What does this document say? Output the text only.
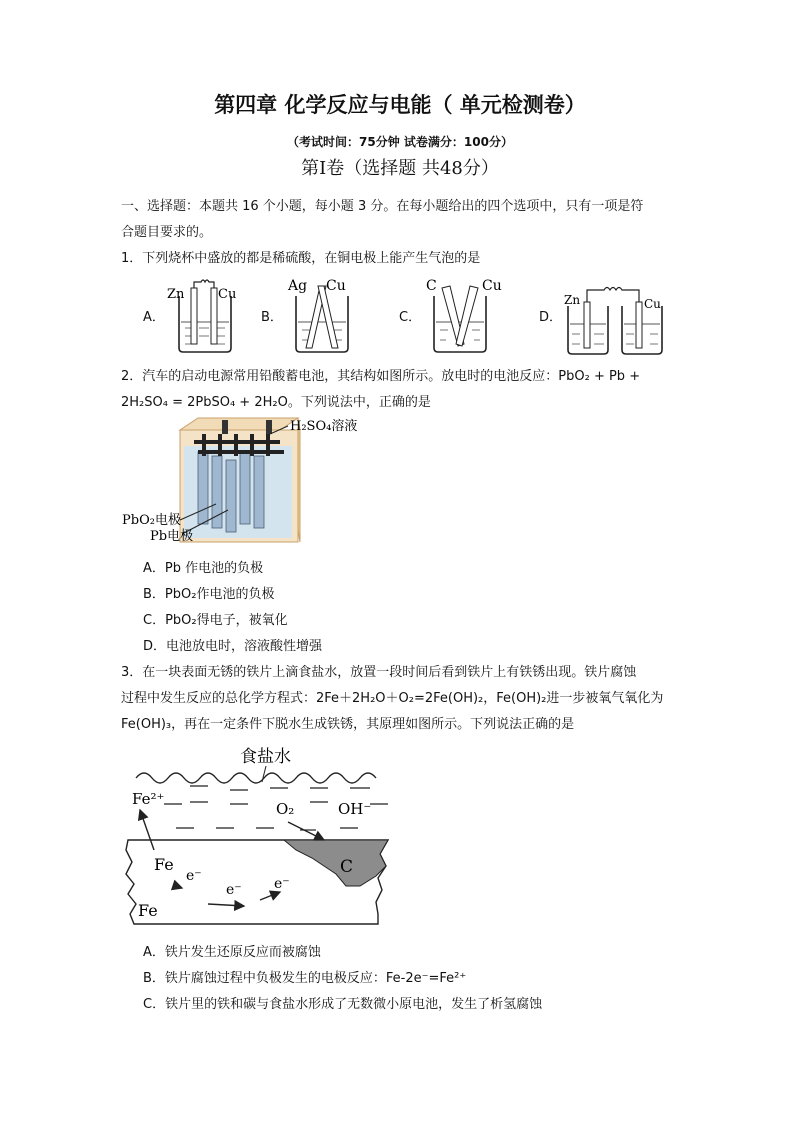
第四章 化学反应与电能（ 单元检测卷）
（考试时间：75分钟 试卷满分：100分）
第Ⅰ卷（选择题 共48分）
一、选择题：本题共 16 个小题，每小题 3 分。在每小题给出的四个选项中，只有一项是符
合题目要求的。
1．下列烧杯中盛放的都是稀硫酸，在铜电极上能产生气泡的是
A．	B．	C．	D．
Zn	Cu
Ag Cu	C	Cu
Zn	Cu
2．汽车的启动电源常用铅酸蓄电池，其结构如图所示。放电时的电池反应：PbO₂ + Pb +
2H₂SO₄ = 2PbSO₄ + 2H₂O。下列说法中，正确的是
H₂SO₄溶液
PbO₂电极
Pb电极
A．Pb 作电池的负极
B．PbO₂作电池的负极
C．PbO₂得电子，被氧化
D．电池放电时，溶液酸性增强
3．在一块表面无锈的铁片上滴食盐水，放置一段时间后看到铁片上有铁锈出现。铁片腐蚀
过程中发生反应的总化学方程式：2Fe＋2H₂O＋O₂=2Fe(OH)₂，Fe(OH)₂进一步被氧气氧化为
Fe(OH)₃，再在一定条件下脱水生成铁锈，其原理如图所示。下列说法正确的是
食盐水
Fe²⁺
O₂	OH⁻
C
Fe
Fe
e⁻
e⁻ e⁻
A．铁片发生还原反应而被腐蚀
B．铁片腐蚀过程中负极发生的电极反应：Fe-2e⁻=Fe²⁺
C．铁片里的铁和碳与食盐水形成了无数微小原电池，发生了析氢腐蚀
